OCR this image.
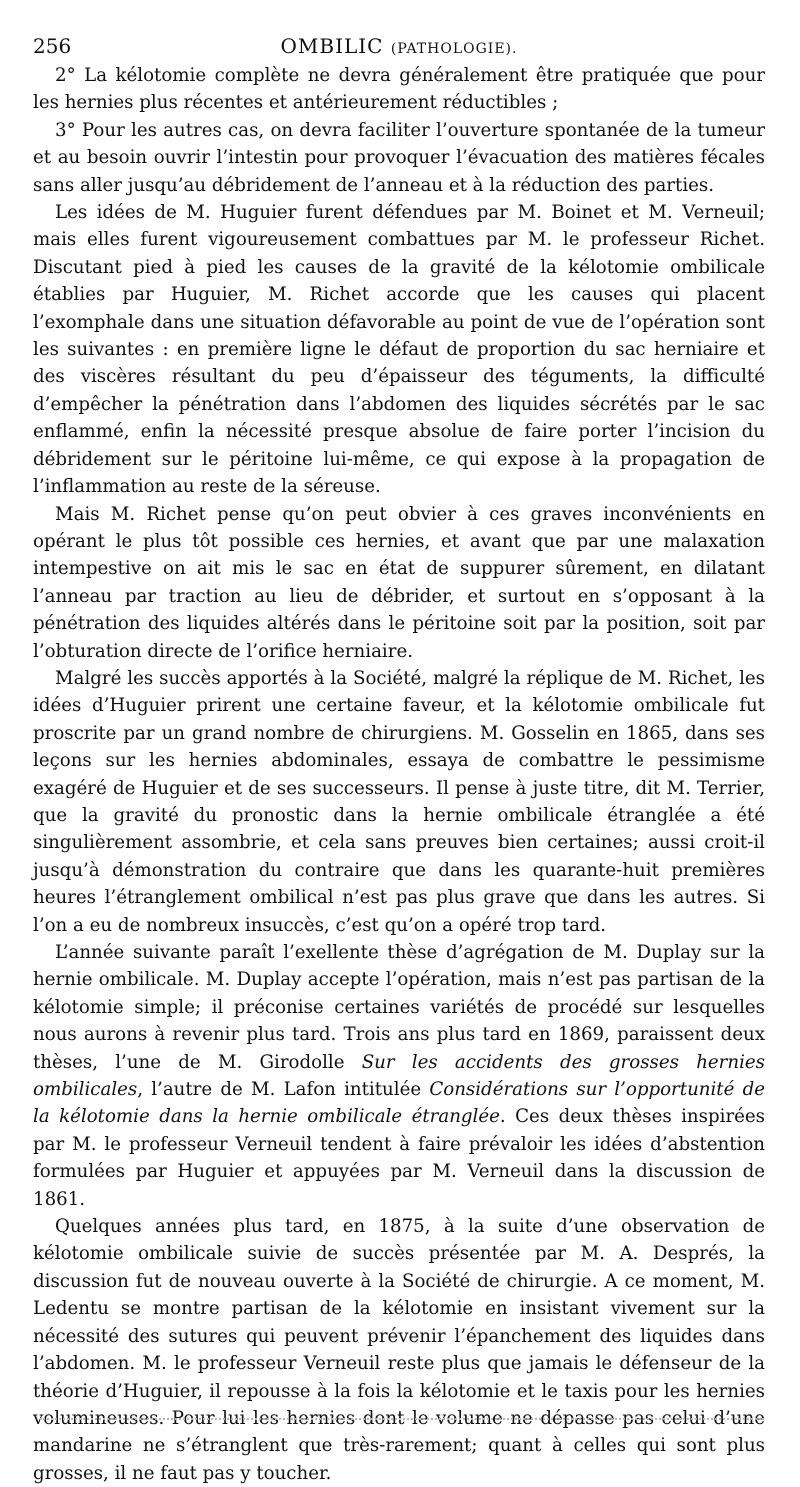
256	OMBILIC (PATHOLOGIE).

2° La kélotomie complète ne devra généralement être pratiquée que pour les hernies plus récentes et antérieurement réductibles ;

3° Pour les autres cas, on devra faciliter l’ouverture spontanée de la tumeur et au besoin ouvrir l’intestin pour provoquer l’évacuation des matières fécales sans aller jusqu’au débridement de l’anneau et à la réduction des parties.

Les idées de M. Huguier furent défendues par M. Boinet et M. Verneuil; mais elles furent vigoureusement combattues par M. le professeur Richet. Discutant pied à pied les causes de la gravité de la kélotomie ombilicale établies par Huguier, M. Richet accorde que les causes qui placent l’exomphale dans une situation défavorable au point de vue de l’opération sont les suivantes : en première ligne le défaut de proportion du sac herniaire et des viscères résultant du peu d’épaisseur des téguments, la difficulté d’empêcher la pénétration dans l’abdomen des liquides sécrétés par le sac enflammé, enfin la nécessité presque absolue de faire porter l’incision du débridement sur le péritoine lui-même, ce qui expose à la propagation de l’inflammation au reste de la séreuse.

Mais M. Richet pense qu’on peut obvier à ces graves inconvénients en opérant le plus tôt possible ces hernies, et avant que par une malaxation intempestive on ait mis le sac en état de suppurer sûrement, en dilatant l’anneau par traction au lieu de débrider, et surtout en s’opposant à la pénétration des liquides altérés dans le péritoine soit par la position, soit par l’obturation directe de l’orifice herniaire.

Malgré les succès apportés à la Société, malgré la réplique de M. Richet, les idées d’Huguier prirent une certaine faveur, et la kélotomie ombilicale fut proscrite par un grand nombre de chirurgiens. M. Gosselin en 1865, dans ses leçons sur les hernies abdominales, essaya de combattre le pessimisme exagéré de Huguier et de ses successeurs. Il pense à juste titre, dit M. Terrier, que la gravité du pronostic dans la hernie ombilicale étranglée a été singulièrement assombrie, et cela sans preuves bien certaines; aussi croit-il jusqu’à démonstration du contraire que dans les quarante-huit premières heures l’étranglement ombilical n’est pas plus grave que dans les autres. Si l’on a eu de nombreux insuccès, c’est qu’on a opéré trop tard.

L’année suivante paraît l’exellente thèse d’agrégation de M. Duplay sur la hernie ombilicale. M. Duplay accepte l’opération, mais n’est pas partisan de la kélotomie simple; il préconise certaines variétés de procédé sur lesquelles nous aurons à revenir plus tard. Trois ans plus tard en 1869, paraissent deux thèses, l’une de M. Girodolle Sur les accidents des grosses hernies ombilicales, l’autre de M. Lafon intitulée Considérations sur l’opportunité de la kélotomie dans la hernie ombilicale étranglée. Ces deux thèses inspirées par M. le professeur Verneuil tendent à faire prévaloir les idées d’abstention formulées par Huguier et appuyées par M. Verneuil dans la discussion de 1861.

Quelques années plus tard, en 1875, à la suite d’une observation de kélotomie ombilicale suivie de succès présentée par M. A. Després, la discussion fut de nouveau ouverte à la Société de chirurgie. A ce moment, M. Ledentu se montre partisan de la kélotomie en insistant vivement sur la nécessité des sutures qui peuvent prévenir l’épanchement des liquides dans l’abdomen. M. le professeur Verneuil reste plus que jamais le défenseur de la théorie d’Huguier, il repousse à la fois la kélotomie et le taxis pour les hernies volumineuses. Pour lui les hernies dont le volume ne dépasse pas celui d’une mandarine ne s’étranglent que très-rarement; quant à celles qui sont plus grosses, il ne faut pas y toucher.
